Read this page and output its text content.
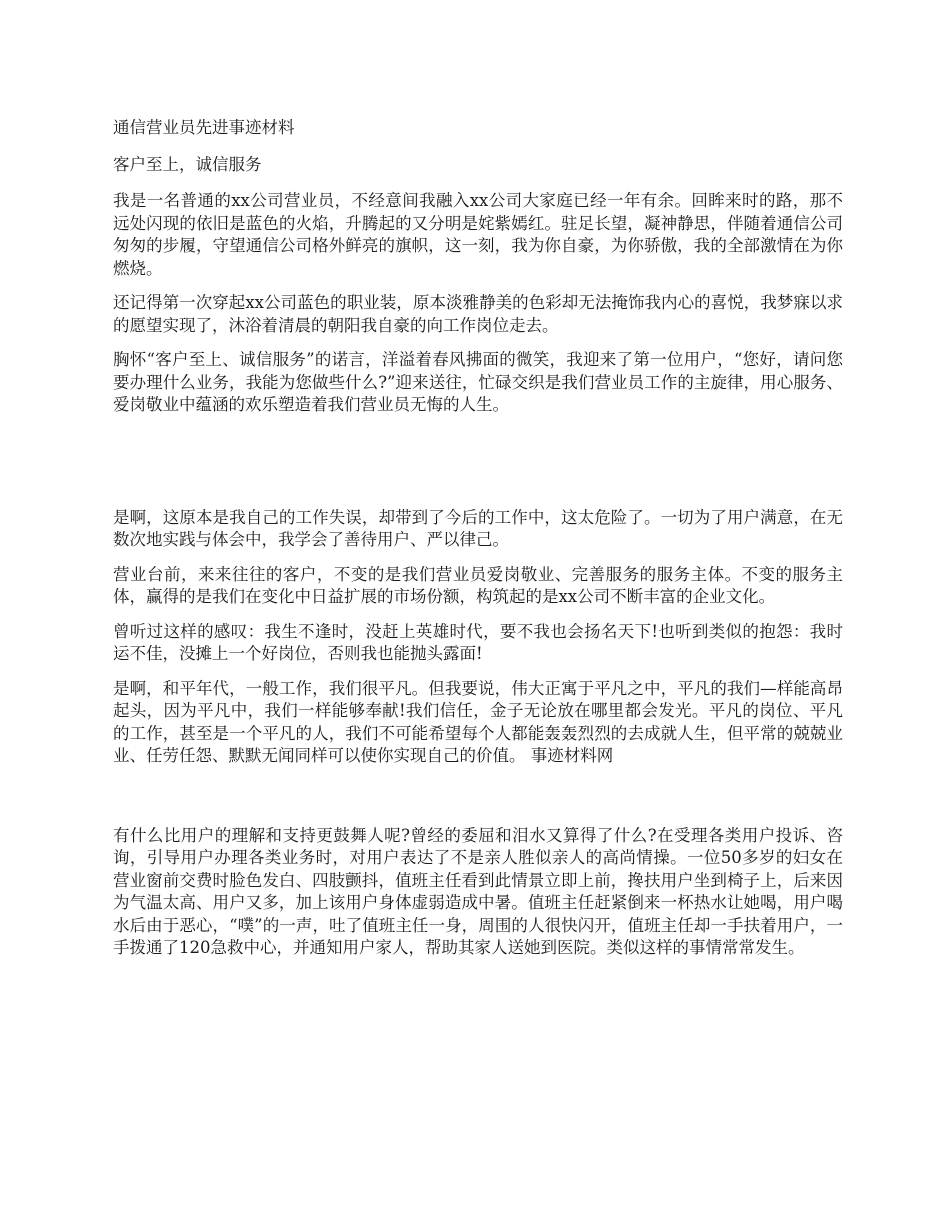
通信营业员先进事迹材料

客户至上，诚信服务

我是一名普通的xx公司营业员，不经意间我融入xx公司大家庭已经一年有余。回眸来时的路，那不远处闪现的依旧是蓝色的火焰，升腾起的又分明是姹紫嫣红。驻足长望，凝神静思，伴随着通信公司匆匆的步履，守望通信公司格外鲜亮的旗帜，这一刻，我为你自豪，为你骄傲，我的全部激情在为你燃烧。

还记得第一次穿起xx公司蓝色的职业装，原本淡雅静美的色彩却无法掩饰我内心的喜悦，我梦寐以求的愿望实现了，沐浴着清晨的朝阳我自豪的向工作岗位走去。

胸怀“客户至上、诚信服务”的诺言，洋溢着春风拂面的微笑，我迎来了第一位用户，“您好，请问您要办理什么业务，我能为您做些什么?”迎来送往，忙碌交织是我们营业员工作的主旋律，用心服务、爱岗敬业中蕴涵的欢乐塑造着我们营业员无悔的人生。

是啊，这原本是我自己的工作失误，却带到了今后的工作中，这太危险了。一切为了用户满意，在无数次地实践与体会中，我学会了善待用户、严以律己。

营业台前，来来往往的客户，不变的是我们营业员爱岗敬业、完善服务的服务主体。不变的服务主体，赢得的是我们在变化中日益扩展的市场份额，构筑起的是xx公司不断丰富的企业文化。

曾听过这样的感叹：我生不逢时，没赶上英雄时代，要不我也会扬名天下!也听到类似的抱怨：我时运不佳，没摊上一个好岗位，否则我也能抛头露面!

是啊，和平年代，一般工作，我们很平凡。但我要说，伟大正寓于平凡之中，平凡的我们—样能高昂起头，因为平凡中，我们一样能够奉献!我们信任，金子无论放在哪里都会发光。平凡的岗位、平凡的工作，甚至是一个平凡的人，我们不可能希望每个人都能轰轰烈烈的去成就人生，但平常的兢兢业业、任劳任怨、默默无闻同样可以使你实现自己的价值。 事迹材料网

有什么比用户的理解和支持更鼓舞人呢?曾经的委屈和泪水又算得了什么?在受理各类用户投诉、咨询，引导用户办理各类业务时，对用户表达了不是亲人胜似亲人的高尚情操。一位50多岁的妇女在营业窗前交费时脸色发白、四肢颤抖，值班主任看到此情景立即上前，搀扶用户坐到椅子上，后来因为气温太高、用户又多，加上该用户身体虚弱造成中暑。值班主任赶紧倒来一杯热水让她喝，用户喝水后由于恶心，“噗”的一声，吐了值班主任一身，周围的人很快闪开，值班主任却一手扶着用户，一手拨通了120急救中心，并通知用户家人，帮助其家人送她到医院。类似这样的事情常常发生。
